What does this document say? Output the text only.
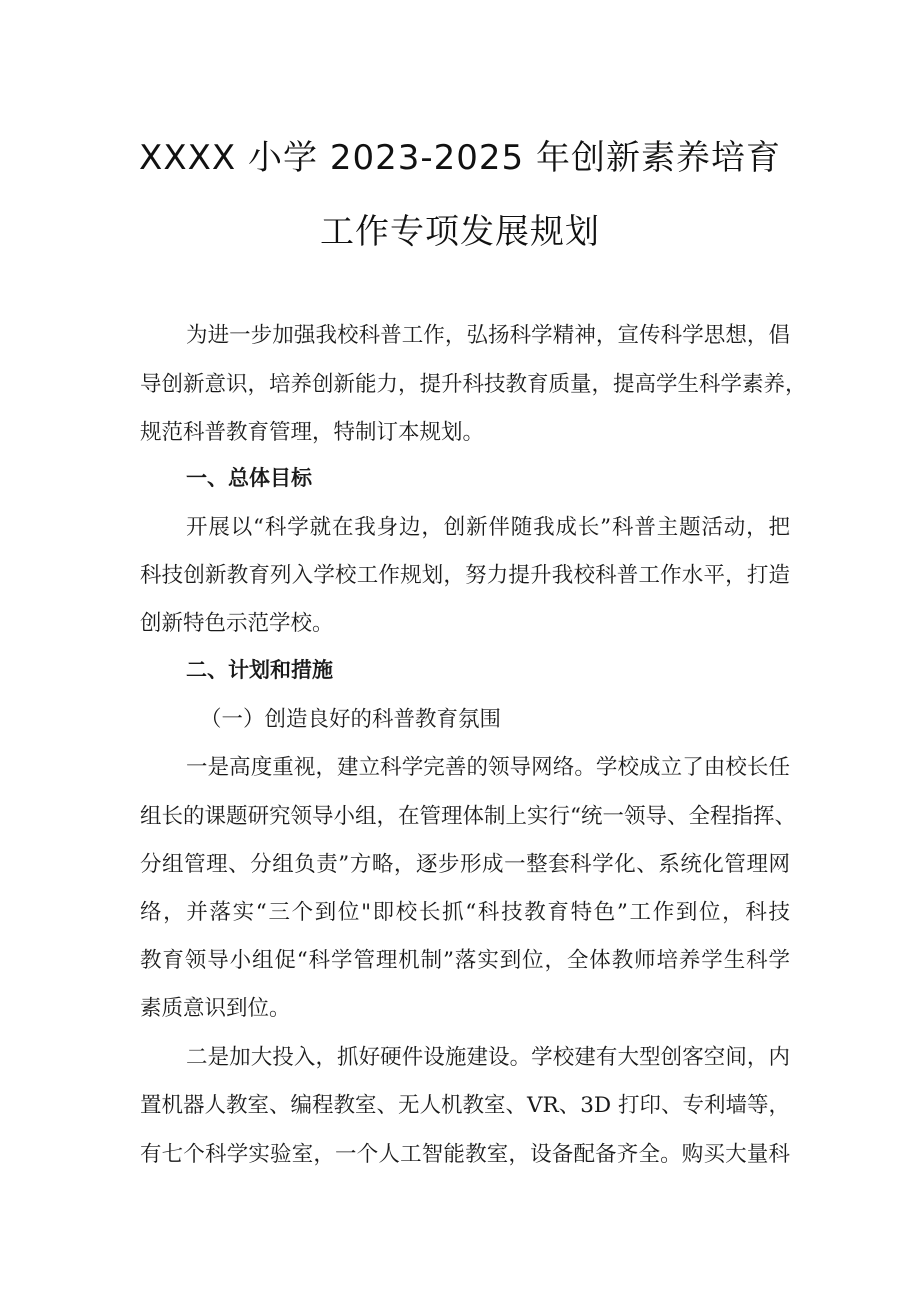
XXXX 小学 2023-2025 年创新素养培育
工作专项发展规划
为进一步加强我校科普工作，弘扬科学精神，宣传科学思想，倡
导创新意识，培养创新能力，提升科技教育质量，提高学生科学素养，
规范科普教育管理，特制订本规划。
一、总体目标
开展以“科学就在我身边，创新伴随我成长”科普主题活动，把
科技创新教育列入学校工作规划，努力提升我校科普工作水平，打造
创新特色示范学校。
二、计划和措施
（一）创造良好的科普教育氛围
一是高度重视，建立科学完善的领导网络。学校成立了由校长任
组长的课题研究领导小组，在管理体制上实行“统一领导、全程指挥、
分组管理、分组负责”方略，逐步形成一整套科学化、系统化管理网
络，并落实“三个到位"即校长抓“科技教育特色”工作到位，科技
教育领导小组促“科学管理机制”落实到位，全体教师培养学生科学
素质意识到位。
二是加大投入，抓好硬件设施建设。学校建有大型创客空间，内
置机器人教室、编程教室、无人机教室、VR、3D 打印、专利墙等，
有七个科学实验室，一个人工智能教室，设备配备齐全。购买大量科
